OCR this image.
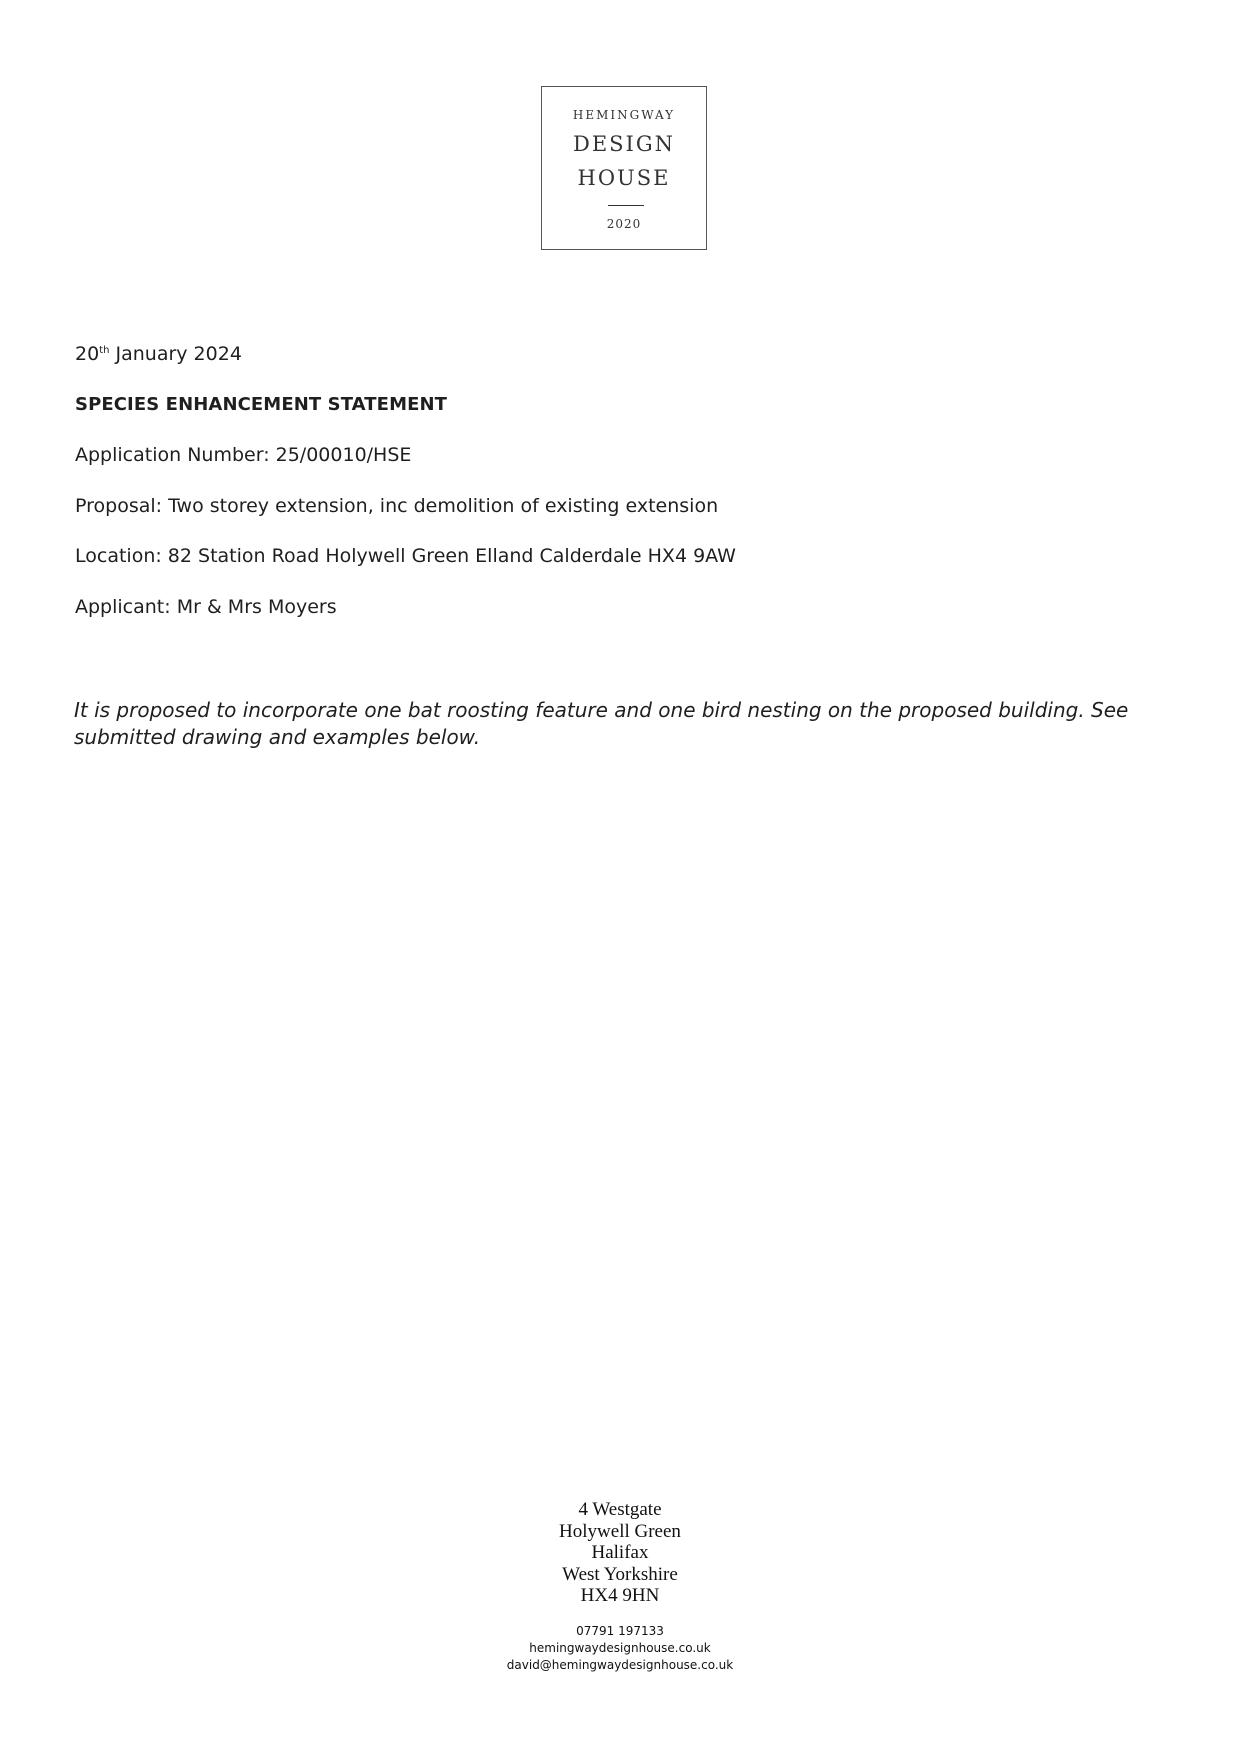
HEMINGWAY
DESIGN
HOUSE
2020
20th January 2024
SPECIES ENHANCEMENT STATEMENT
Application Number: 25/00010/HSE
Proposal: Two storey extension, inc demolition of existing extension
Location: 82 Station Road Holywell Green Elland Calderdale HX4 9AW
Applicant: Mr & Mrs Moyers
It is proposed to incorporate one bat roosting feature and one bird nesting on the proposed building. See submitted drawing and examples below.
4 Westgate
Holywell Green
Halifax
West Yorkshire
HX4 9HN
07791 197133
hemingwaydesignhouse.co.uk
david@hemingwaydesignhouse.co.uk
